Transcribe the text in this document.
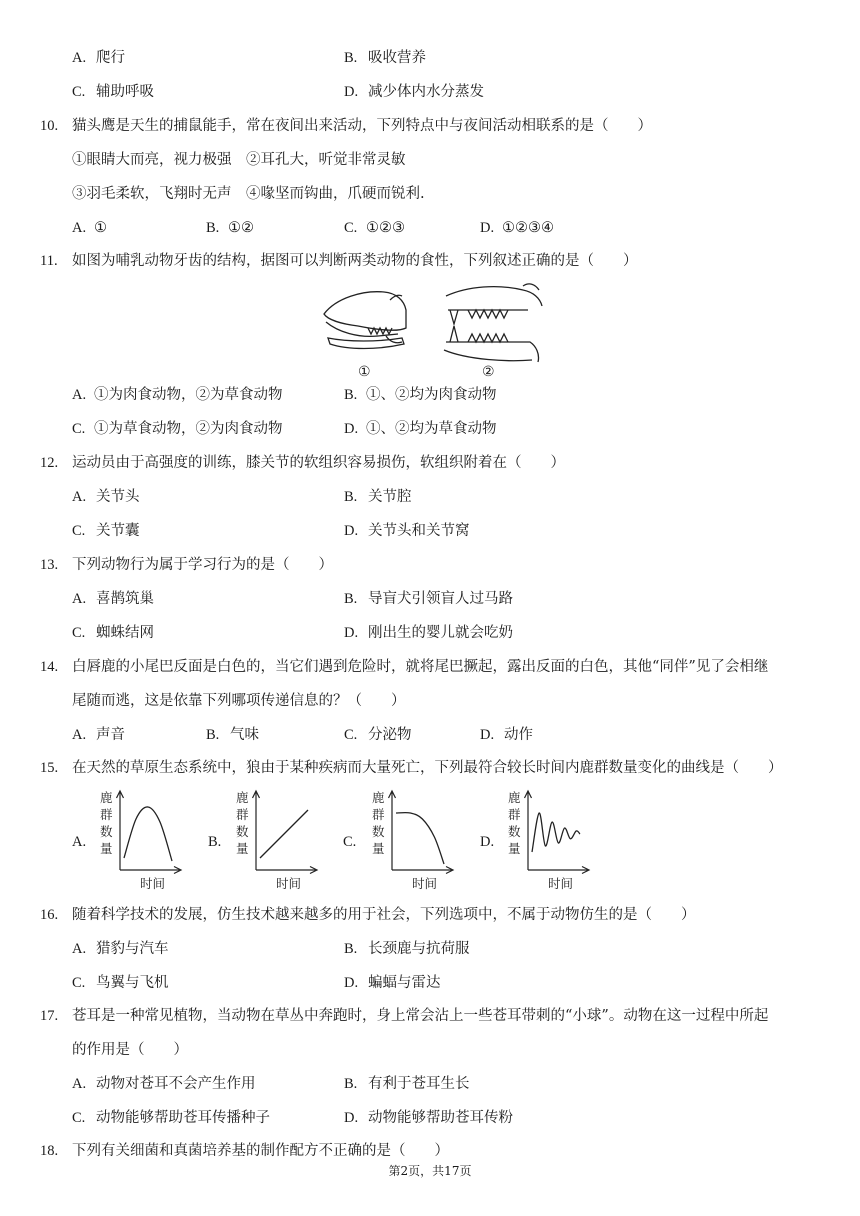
A. 爬行	B. 吸收营养
C. 辅助呼吸	D. 减少体内水分蒸发
10. 猫头鹰是天生的捕鼠能手，常在夜间出来活动，下列特点中与夜间活动相联系的是（　　）
①眼睛大而亮，视力极强　②耳孔大，听觉非常灵敏
③羽毛柔软，飞翔时无声　④喙坚而钩曲，爪硬而锐利.
A. ①	B. ①②	C. ①②③	D. ①②③④
11. 如图为哺乳动物牙齿的结构，据图可以判断两类动物的食性，下列叙述正确的是（　　）
①	②
A. ①为肉食动物，②为草食动物	B. ①、②均为肉食动物
C. ①为草食动物，②为肉食动物	D. ①、②均为草食动物
12. 运动员由于高强度的训练，膝关节的软组织容易损伤，软组织附着在（　　）
A. 关节头	B. 关节腔
C. 关节囊	D. 关节头和关节窝
13. 下列动物行为属于学习行为的是（　　）
A. 喜鹊筑巢	B. 导盲犬引领盲人过马路
C. 蜘蛛结网	D. 刚出生的婴儿就会吃奶
14. 白唇鹿的小尾巴反面是白色的，当它们遇到危险时，就将尾巴撅起，露出反面的白色，其他“同伴”见了会相继
尾随而逃，这是依靠下列哪项传递信息的？（　　）
A. 声音	B. 气味	C. 分泌物	D. 动作
15. 在天然的草原生态系统中，狼由于某种疾病而大量死亡，下列最符合较长时间内鹿群数量变化的曲线是（　　）
A.	B.	C.	D.
鹿
群
数
量
时间
鹿
群
数
量
时间
鹿
群
数
量
时间
鹿
群
数
量
时间
16. 随着科学技术的发展，仿生技术越来越多的用于社会，下列选项中，不属于动物仿生的是（　　）
A. 猎豹与汽车	B. 长颈鹿与抗荷服
C. 鸟翼与飞机	D. 蝙蝠与雷达
17. 苍耳是一种常见植物，当动物在草丛中奔跑时，身上常会沾上一些苍耳带刺的“小球”。动物在这一过程中所起
的作用是（　　）
A. 动物对苍耳不会产生作用	B. 有利于苍耳生长
C. 动物能够帮助苍耳传播种子	D. 动物能够帮助苍耳传粉
18. 下列有关细菌和真菌培养基的制作配方不正确的是（　　）
第2页，共17页
